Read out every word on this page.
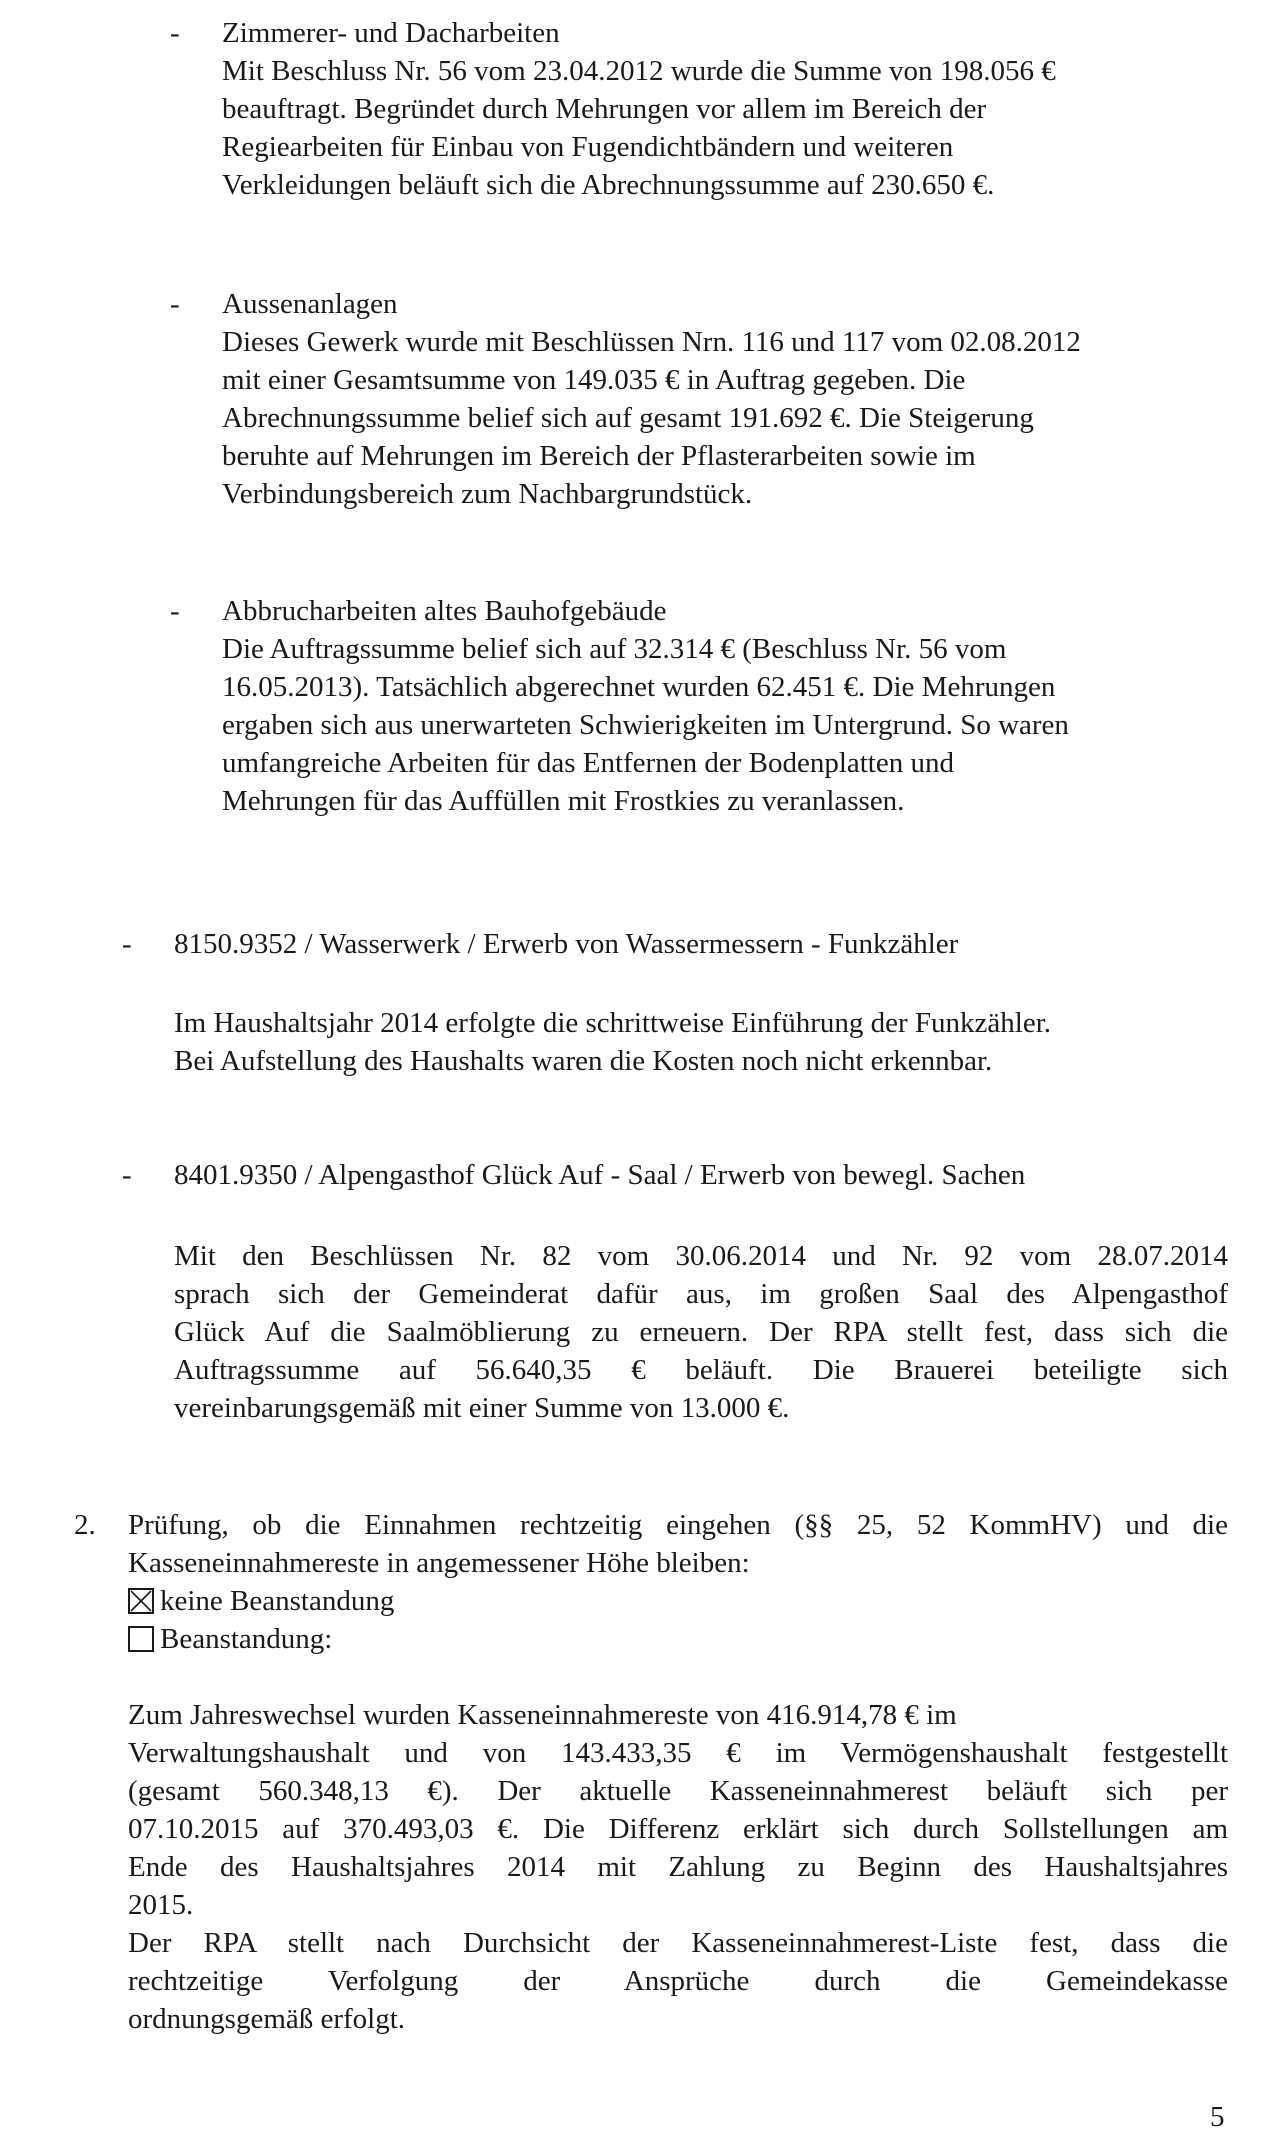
- Zimmerer- und Dacharbeiten
Mit Beschluss Nr. 56 vom 23.04.2012 wurde die Summe von 198.056 €
beauftragt. Begründet durch Mehrungen vor allem im Bereich der
Regiearbeiten für Einbau von Fugendichtbändern und weiteren
Verkleidungen beläuft sich die Abrechnungssumme auf 230.650 €.
- Aussenanlagen
Dieses Gewerk wurde mit Beschlüssen Nrn. 116 und 117 vom 02.08.2012
mit einer Gesamtsumme von 149.035 € in Auftrag gegeben. Die
Abrechnungssumme belief sich auf gesamt 191.692 €. Die Steigerung
beruhte auf Mehrungen im Bereich der Pflasterarbeiten sowie im
Verbindungsbereich zum Nachbargrundstück.
- Abbrucharbeiten altes Bauhofgebäude
Die Auftragssumme belief sich auf 32.314 € (Beschluss Nr. 56 vom
16.05.2013). Tatsächlich abgerechnet wurden 62.451 €. Die Mehrungen
ergaben sich aus unerwarteten Schwierigkeiten im Untergrund. So waren
umfangreiche Arbeiten für das Entfernen der Bodenplatten und
Mehrungen für das Auffüllen mit Frostkies zu veranlassen.
- 8150.9352 / Wasserwerk / Erwerb von Wassermessern - Funkzähler
Im Haushaltsjahr 2014 erfolgte die schrittweise Einführung der Funkzähler.
Bei Aufstellung des Haushalts waren die Kosten noch nicht erkennbar.
- 8401.9350 / Alpengasthof Glück Auf - Saal / Erwerb von bewegl. Sachen
Mit den Beschlüssen Nr. 82 vom 30.06.2014 und Nr. 92 vom 28.07.2014
sprach sich der Gemeinderat dafür aus, im großen Saal des Alpengasthof
Glück Auf die Saalmöblierung zu erneuern. Der RPA stellt fest, dass sich die
Auftragssumme auf 56.640,35 € beläuft. Die Brauerei beteiligte sich
vereinbarungsgemäß mit einer Summe von 13.000 €.
2. Prüfung, ob die Einnahmen rechtzeitig eingehen (§§ 25, 52 KommHV) und die
Kasseneinnahmereste in angemessener Höhe bleiben:
keine Beanstandung
Beanstandung:
Zum Jahreswechsel wurden Kasseneinnahmereste von 416.914,78 € im
Verwaltungshaushalt und von 143.433,35 € im Vermögenshaushalt festgestellt
(gesamt 560.348,13 €). Der aktuelle Kasseneinnahmerest beläuft sich per
07.10.2015 auf 370.493,03 €. Die Differenz erklärt sich durch Sollstellungen am
Ende des Haushaltsjahres 2014 mit Zahlung zu Beginn des Haushaltsjahres
2015.
Der RPA stellt nach Durchsicht der Kasseneinnahmerest-Liste fest, dass die
rechtzeitige Verfolgung der Ansprüche durch die Gemeindekasse
ordnungsgemäß erfolgt.
5
